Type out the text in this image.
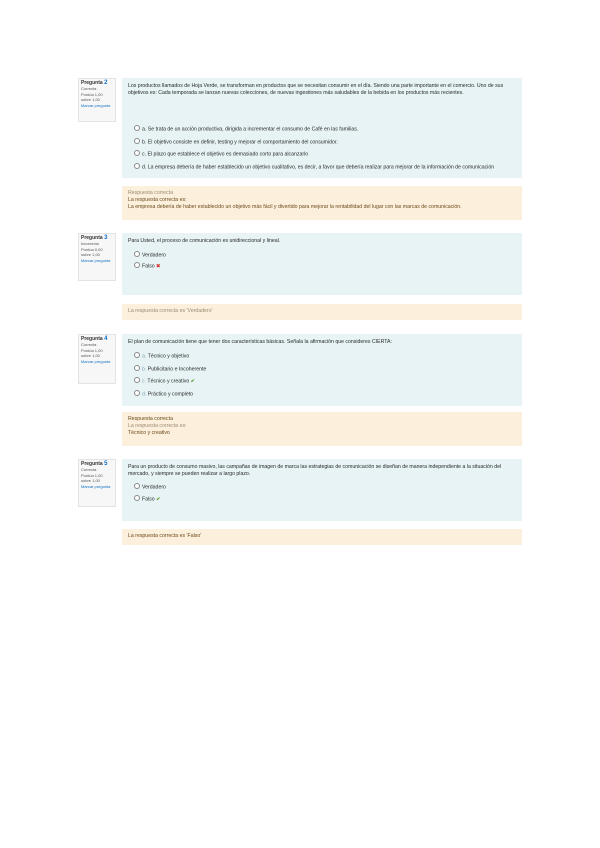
Pregunta 2
Correcta
Puntúa 1,00 sobre 1,00
Marcar pregunta

Los productos llamados de Hoja Verde, se transforman en productos que se necesitan consumir en el día. Siendo una parte importante en el comercio. Uno de sus objetivos es: Cada temporada se lanzan nuevas colecciones, de nuevas ingestiones más saludables de la bebida en los productos más recientes.

a. Se trata de un acción productiva, dirigida a incrementar el consumo de Café en las familias.
b. El objetivo consiste en definir, testing y mejorar el comportamiento del consumidor.
c. El plazo que establece el objetivo es demasiado corto para alcanzarlo
d. La empresa debería de haber establecido un objetivo cualitativo, es decir, a favor que debería realizar para mejorar de la información de comunicación
Respuesta correcta
La respuesta correcta es:
La empresa debería de haber establecido un objetivo más fácil y divertido para mejorar la rentabilidad del lugar con las marcas de comunicación.
Pregunta 3
Incorrecta
Puntúa 0,00 sobre 1,00
Marcar pregunta

Para Usted, el proceso de comunicación es unidireccional y lineal.

Verdadero
Falso ✖
La respuesta correcta es 'Verdadero'
Pregunta 4
Correcta
Puntúa 1,00 sobre 1,00
Marcar pregunta

El plan de comunicación tiene que tener dos características básicas. Señala la afirmación que consideres CIERTA:

a. Técnico y objetivo
b. Publicitario e Incoherente
c. Técnico y creativo ✔
d. Práctico y completo
Respuesta correcta
La respuesta correcta es:
Técnico y creativo
Pregunta 5
Correcta
Puntúa 1,00 sobre 1,00
Marcar pregunta

Para un producto de consumo masivo, las campañas de imagen de marca las estrategias de comunicación se diseñan de manera independiente a la situación del mercado, y siempre se pueden realizar a largo plazo.

Verdadero
Falso ✔
La respuesta correcta es 'Falso'
